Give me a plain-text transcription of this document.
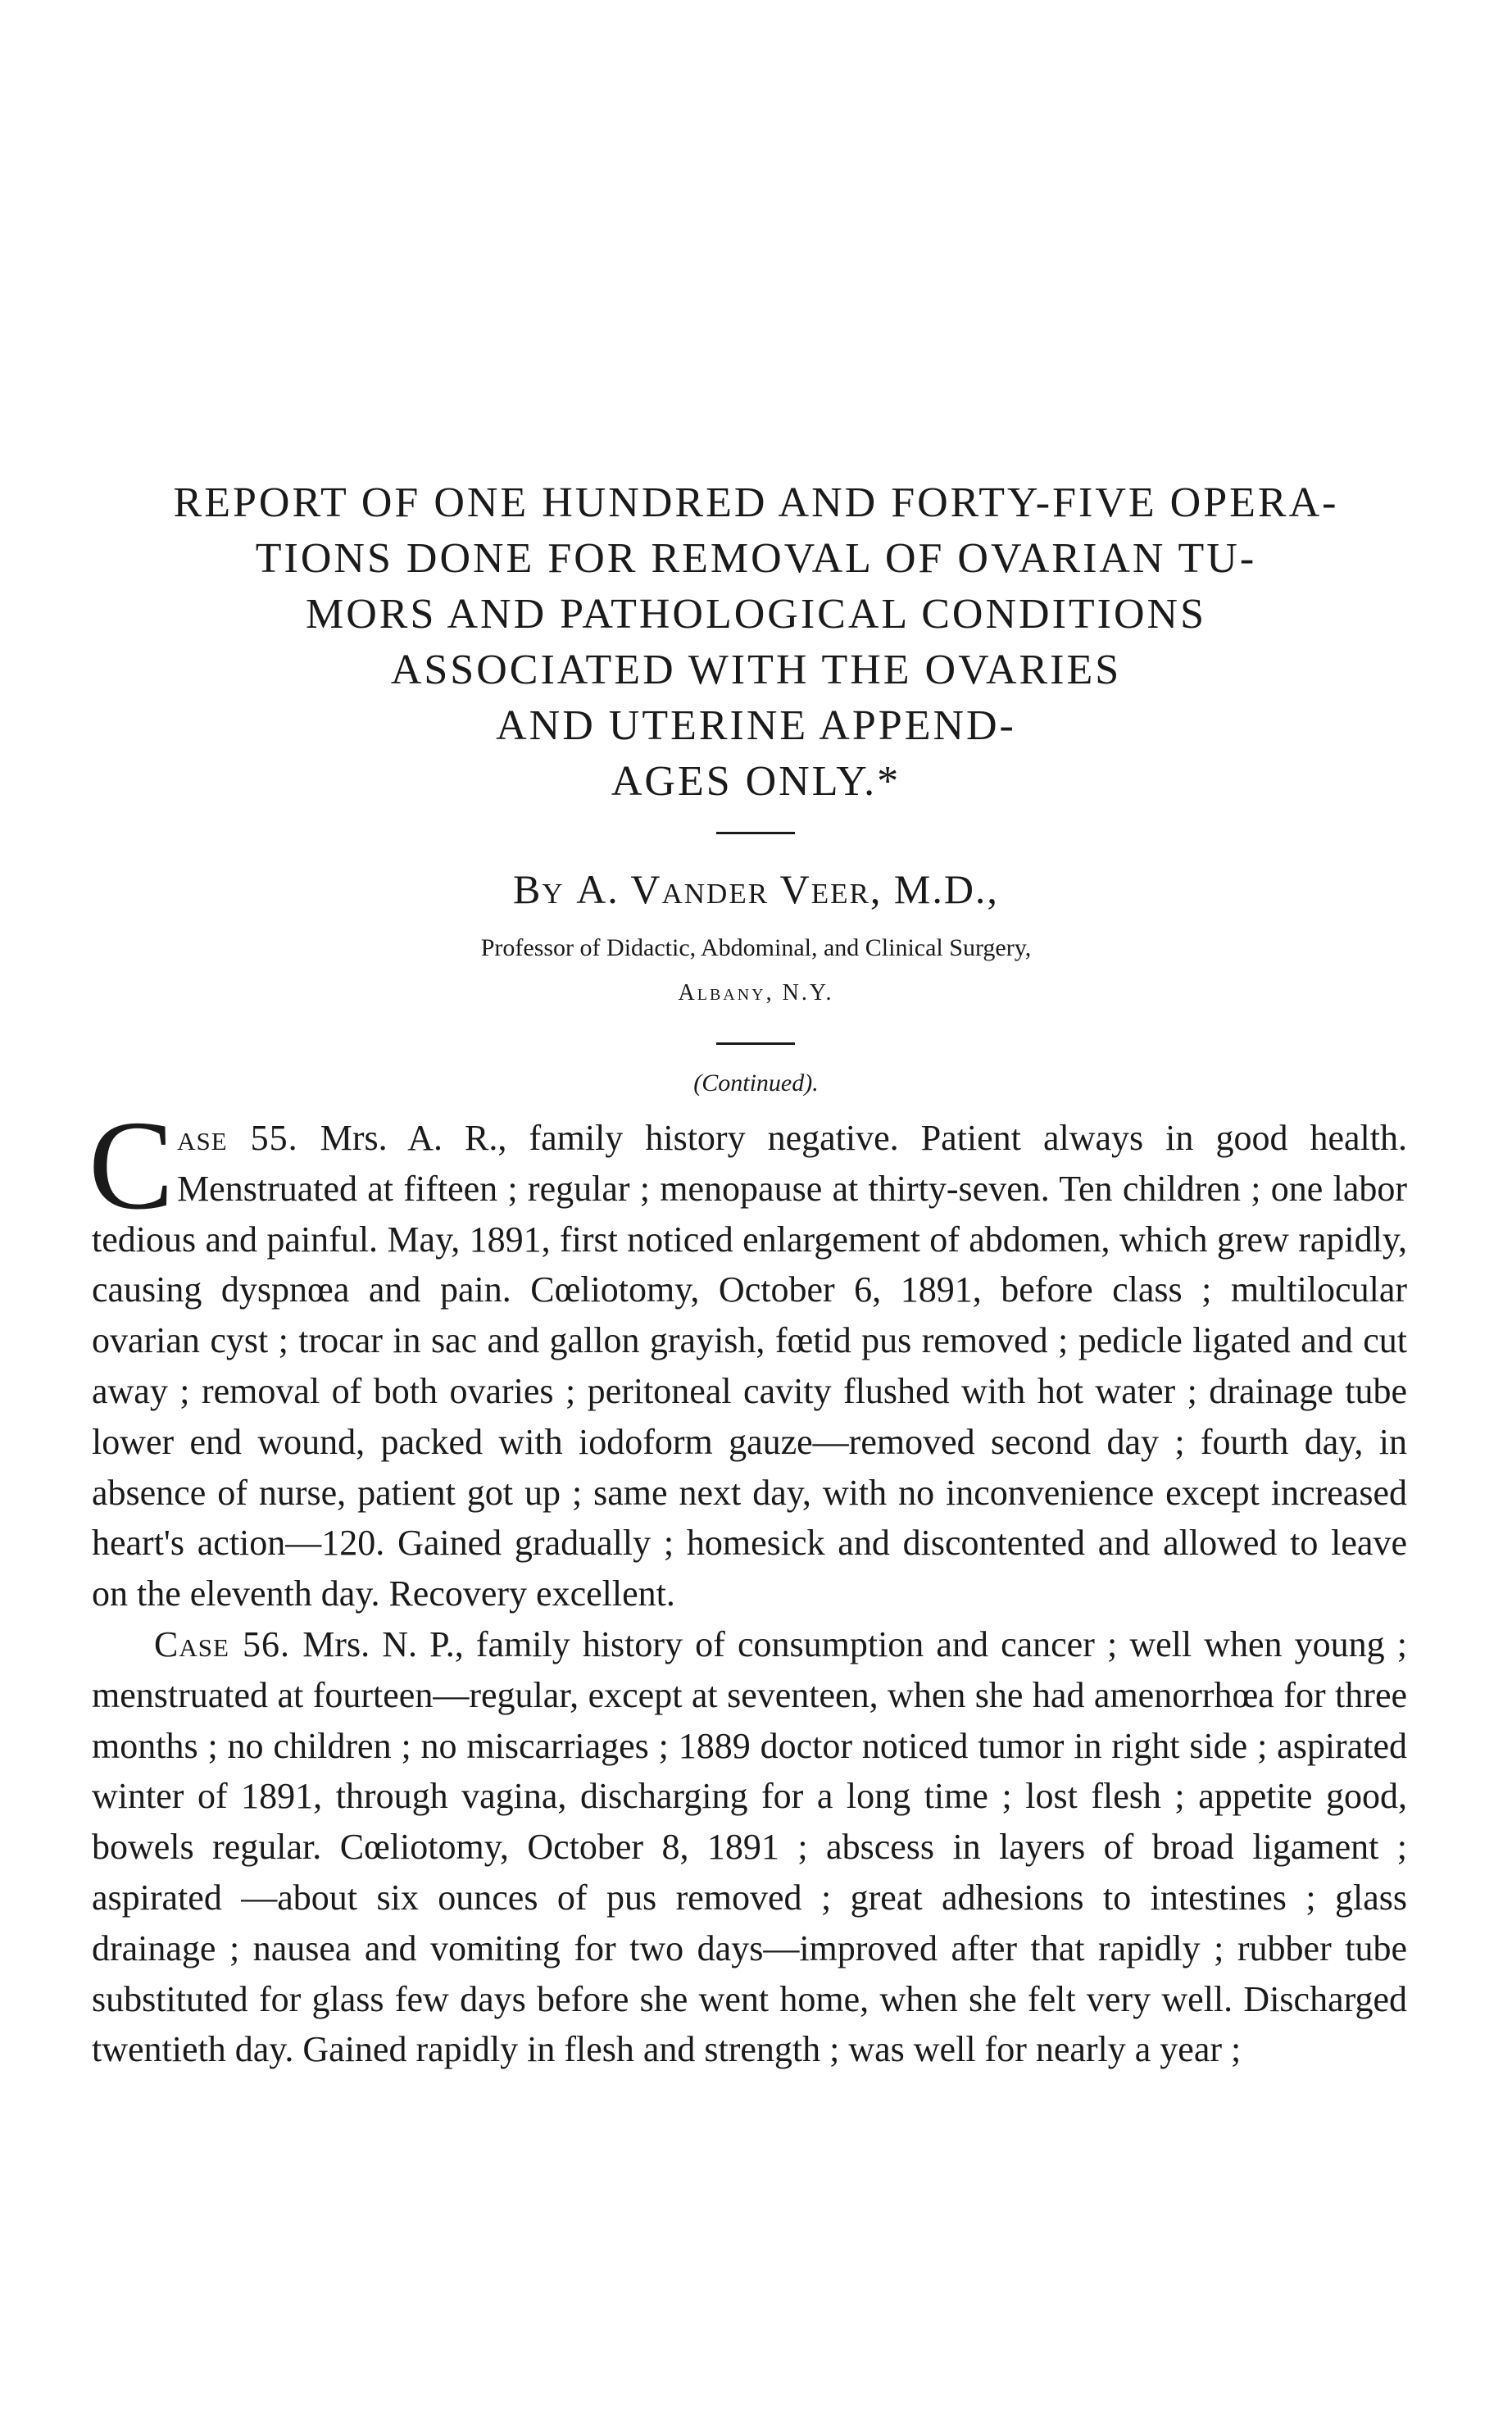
REPORT OF ONE HUNDRED AND FORTY-FIVE OPERA-
TIONS DONE FOR REMOVAL OF OVARIAN TU-
MORS AND PATHOLOGICAL CONDITIONS
ASSOCIATED WITH THE OVARIES
AND UTERINE APPEND-
AGES ONLY.*
By A. Vander Veer, M.D.,
Professor of Didactic, Abdominal, and Clinical Surgery,
Albany, N.Y.
(Continued).

Case 55. Mrs. A. R., family history negative. Patient always in good health. Menstruated at fifteen ; regular ; menopause at thirty-seven. Ten children ; one labor tedious and painful. May, 1891, first noticed enlargement of abdomen, which grew rapidly, causing dyspnœa and pain. Cœliotomy, October 6, 1891, before class ; multilocular ovarian cyst ; trocar in sac and gallon grayish, fœtid pus removed ; pedicle ligated and cut away ; removal of both ovaries ; peritoneal cavity flushed with hot water ; drainage tube lower end wound, packed with iodoform gauze—removed second day ; fourth day, in absence of nurse, patient got up ; same next day, with no inconvenience except increased heart's action—120. Gained gradually ; homesick and discontented and allowed to leave on the eleventh day. Recovery excellent.

Case 56. Mrs. N. P., family history of consumption and cancer ; well when young ; menstruated at fourteen—regular, except at seventeen, when she had amenorrhœa for three months ; no children ; no miscarriages ; 1889 doctor noticed tumor in right side ; aspirated winter of 1891, through vagina, discharging for a long time ; lost flesh ; appetite good, bowels regular. Cœliotomy, October 8, 1891 ; abscess in layers of broad ligament ; aspirated —about six ounces of pus removed ; great adhesions to intestines ; glass drainage ; nausea and vomiting for two days—improved after that rapidly ; rubber tube substituted for glass few days before she went home, when she felt very well. Discharged twentieth day. Gained rapidly in flesh and strength ; was well for nearly a year ;
